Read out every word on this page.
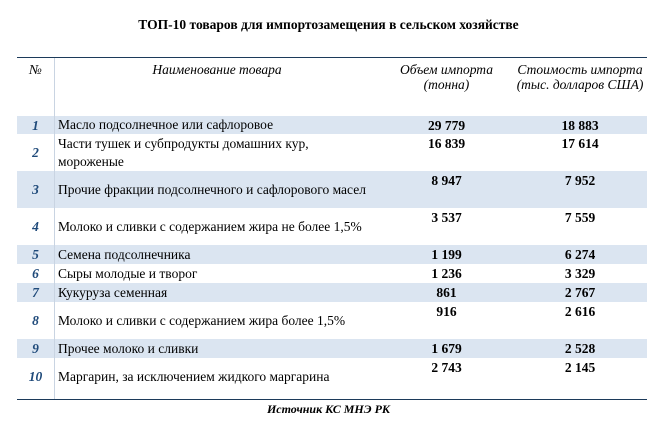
ТОП-10 товаров для импортозамещения в сельском хозяйстве
№	Наименование товара	Объем импорта (тонна)	Стоимость импорта (тыс. долларов США)
1	Масло подсолнечное или сафлоровое	29 779	18 883
2	Части тушек и субпродукты домашних кур, мороженые	16 839	17 614
3	Прочие фракции подсолнечного и сафлорового масел	8 947	7 952
4	Молоко и сливки с содержанием жира не более 1,5%	3 537	7 559
5	Семена подсолнечника	1 199	6 274
6	Сыры молодые и творог	1 236	3 329
7	Кукуруза семенная	861	2 767
8	Молоко и сливки с содержанием жира более 1,5%	916	2 616
9	Прочее молоко и сливки	1 679	2 528
10	Маргарин, за исключением жидкого маргарина	2 743	2 145
Источник КС МНЭ РК
